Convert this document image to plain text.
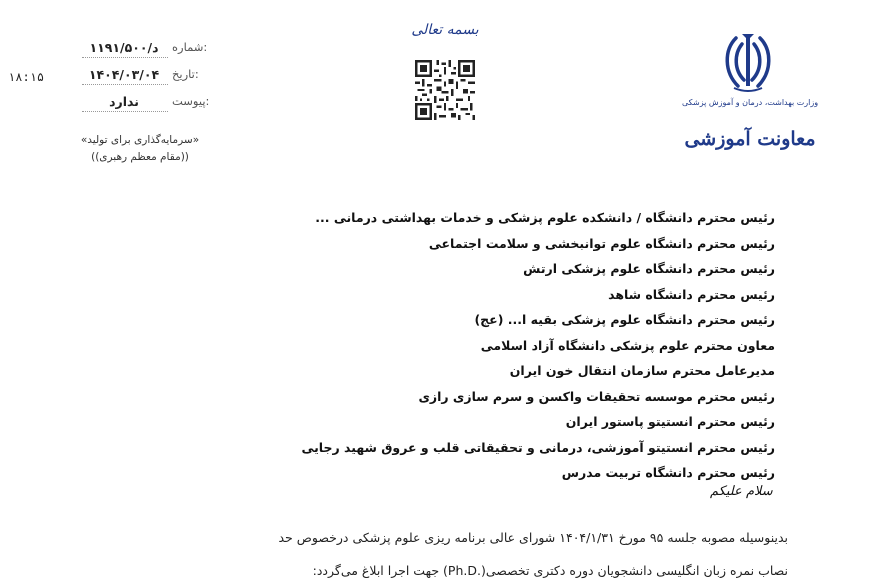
۱۸:۱۵
۱۱۹۱/۵۰۰/د	شماره:
۱۴۰۴/۰۳/۰۴	تاریخ:
ندارد	پیوست:
«سرمایه‌گذاری برای تولید»
((مقام معظم رهبری))
بسمه تعالی
وزارت بهداشت، درمان و آموزش پزشکی
معاونت آموزشی
رئیس محترم دانشگاه / دانشکده علوم پزشکی و خدمات بهداشتی درمانی ...
رئیس محترم دانشگاه علوم توانبخشی و سلامت اجتماعی
رئیس محترم دانشگاه علوم پزشکی ارتش
رئیس محترم دانشگاه شاهد
رئیس محترم دانشگاه علوم پزشکی بقیه ا... (عج)
معاون محترم علوم پزشکی دانشگاه آزاد اسلامی
مدیرعامل محترم سازمان انتقال خون ایران
رئیس محترم موسسه تحقیقات واکسن و سرم سازی رازی
رئیس محترم انستیتو پاستور ایران
رئیس محترم انستیتو آموزشی، درمانی و تحقیقاتی قلب و عروق شهید رجایی
رئیس محترم دانشگاه تربیت مدرس
سلام علیکم
بدینوسیله مصوبه جلسه ۹۵ مورخ ۱۴۰۴/۱/۳۱ شورای عالی برنامه ریزی علوم پزشکی درخصوص حد
نصاب نمره زبان انگلیسی دانشجویان دوره دکتری تخصصی(.Ph.D) جهت اجرا ابلاغ می‌گردد:
